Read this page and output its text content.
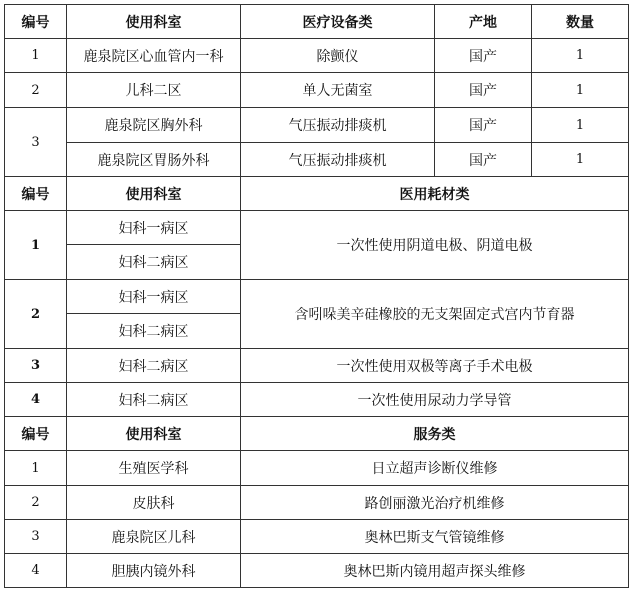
编号	使用科室	医疗设备类	产地	数量
1	鹿泉院区心血管内一科	除颤仪	国产	1
2	儿科二区	单人无菌室	国产	1
3	鹿泉院区胸外科	气压振动排痰机	国产	1
	鹿泉院区胃肠外科	气压振动排痰机	国产	1
编号	使用科室	医用耗材类		
1	妇科一病区	一次性使用阴道电极、阴道电极		
	妇科二病区			
2	妇科一病区	含吲哚美辛硅橡胶的无支架固定式宫内节育器		
	妇科二病区			
3	妇科二病区	一次性使用双极等离子手术电极		
4	妇科二病区	一次性使用尿动力学导管		
编号	使用科室	服务类		
1	生殖医学科	日立超声诊断仪维修		
2	皮肤科	路创丽激光治疗机维修		
3	鹿泉院区儿科	奥林巴斯支气管镜维修		
4	胆胰内镜外科	奥林巴斯内镜用超声探头维修		
